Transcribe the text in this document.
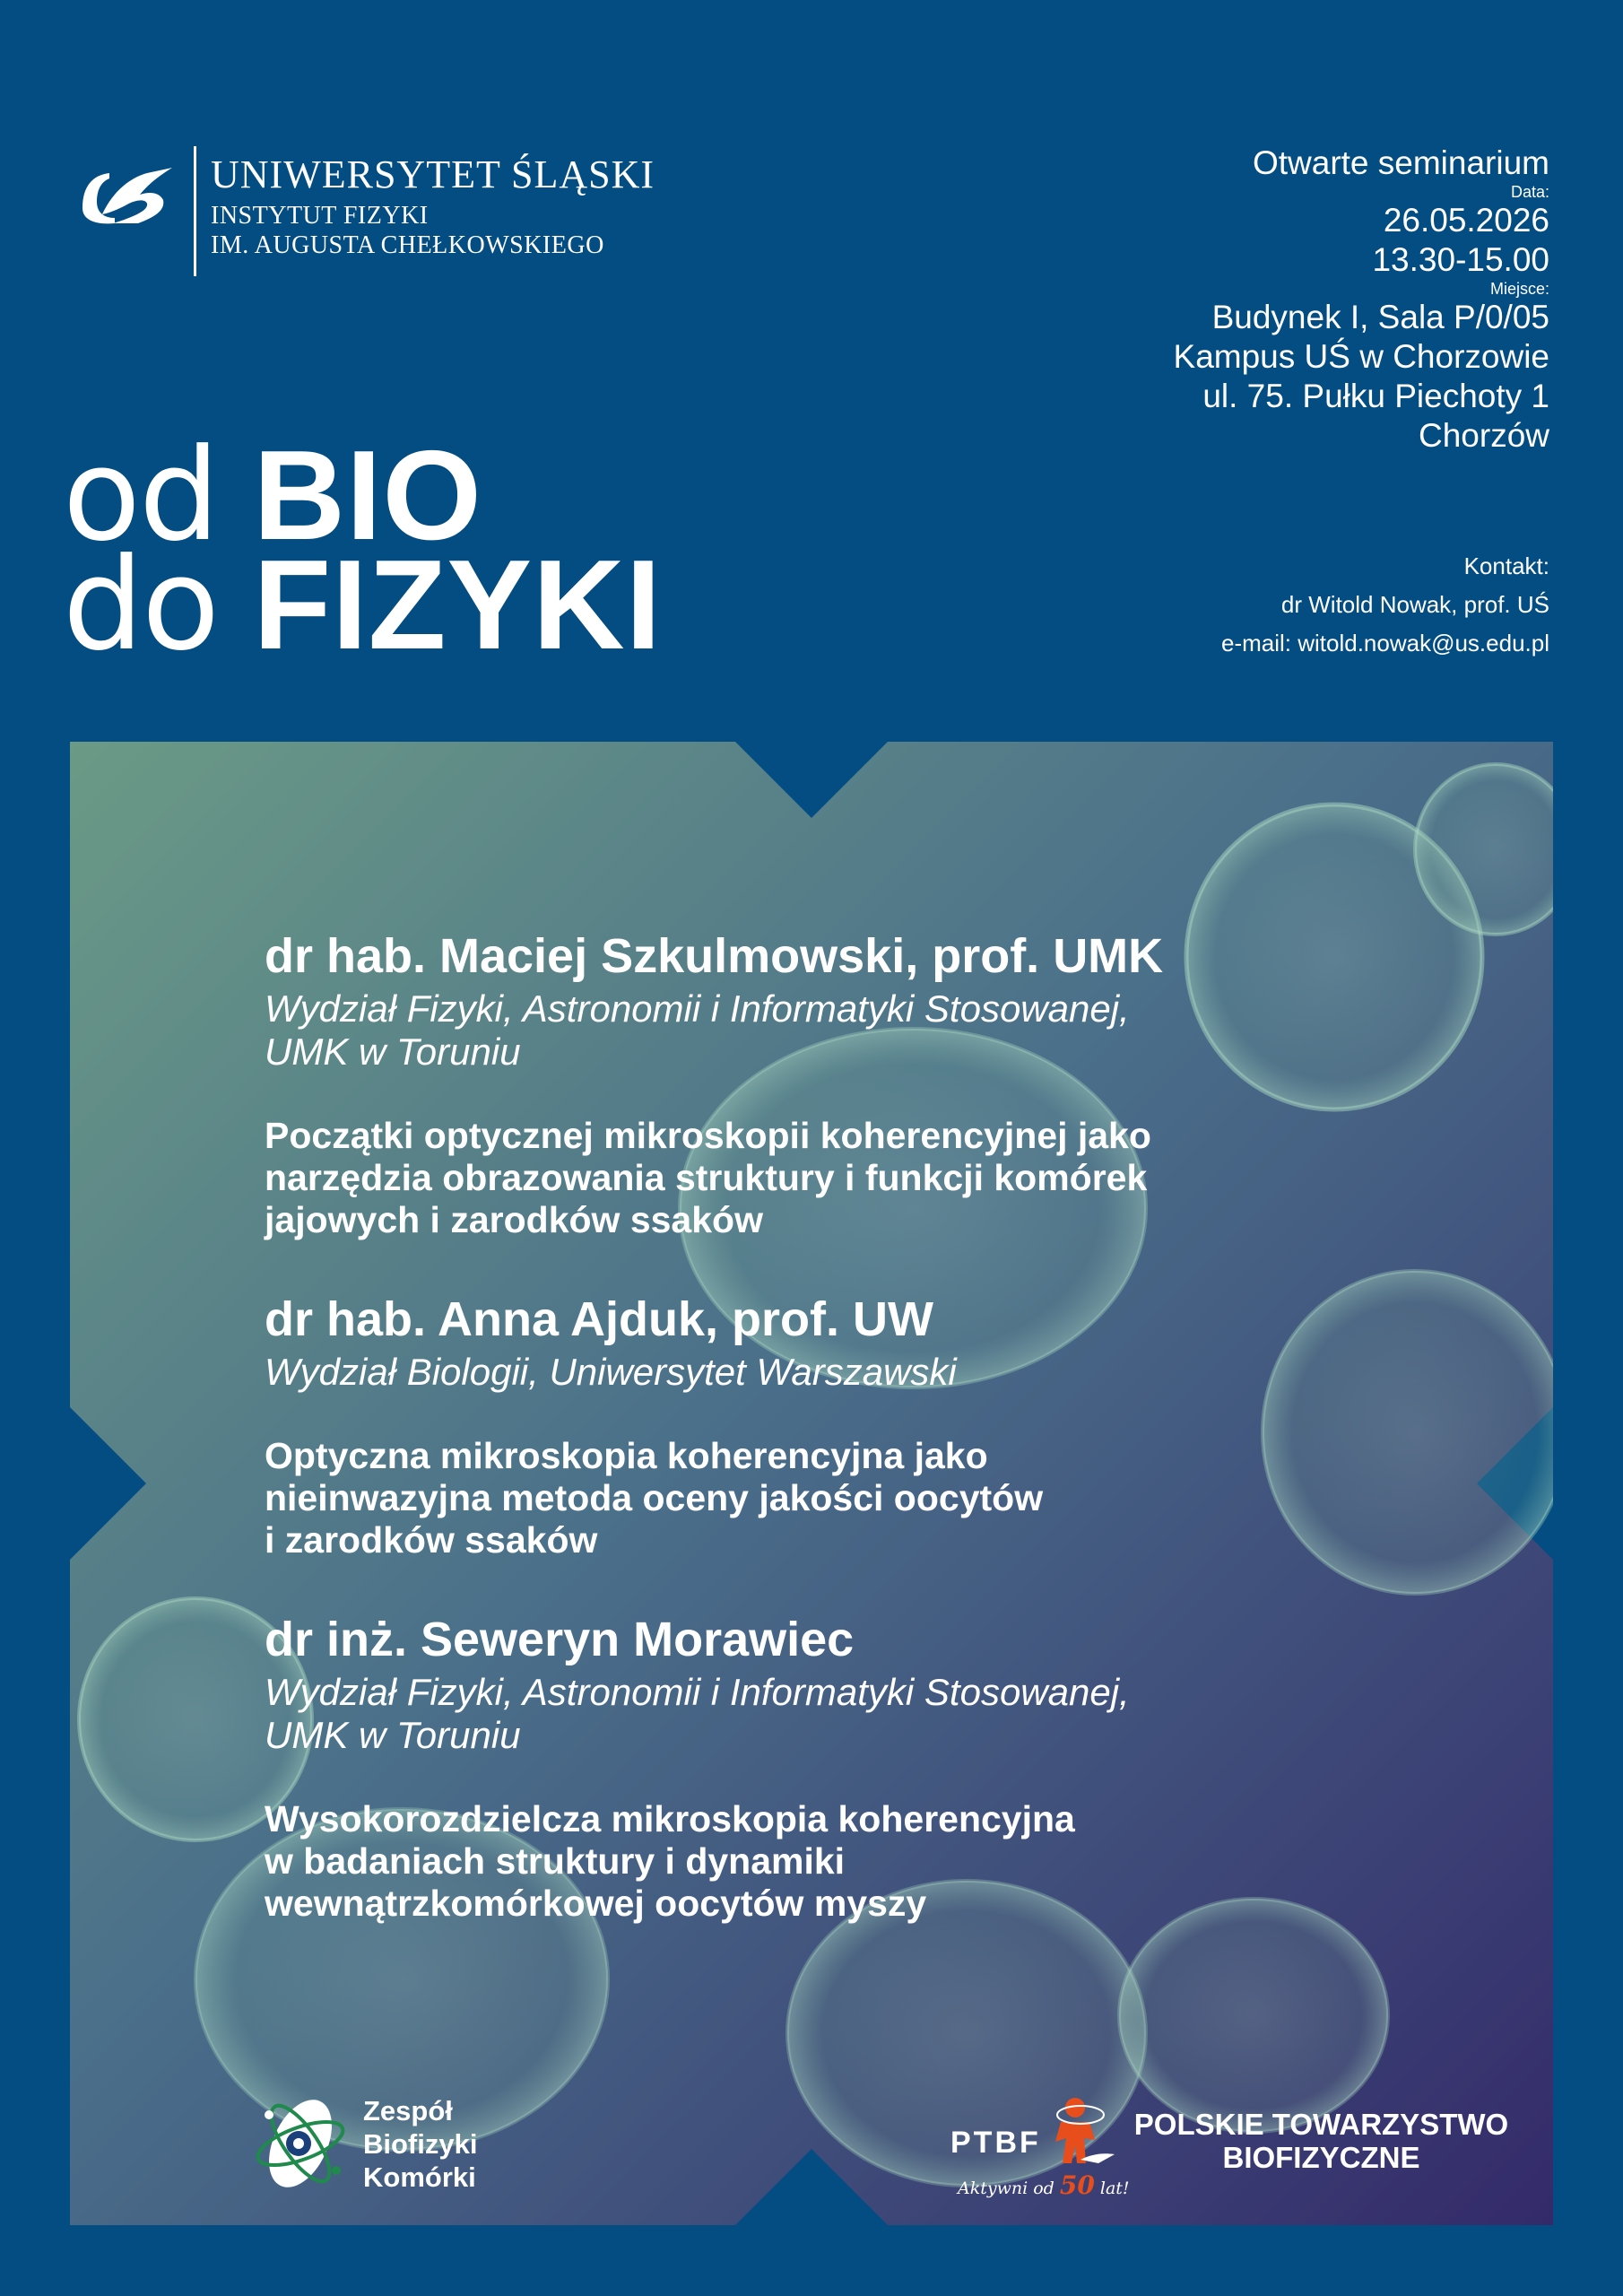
UNIWERSYTET ŚLĄSKI
INSTYTUT FIZYKI
IM. AUGUSTA CHEŁKOWSKIEGO
Otwarte seminarium
Data:
26.05.2026
13.30-15.00
Miejsce:
Budynek I, Sala P/0/05
Kampus UŚ w Chorzowie
ul. 75. Pułku Piechoty 1
Chorzów
Kontakt:
dr Witold Nowak, prof. UŚ
e-mail: witold.nowak@us.edu.pl
od BIO
do FIZYKI
dr hab. Maciej Szkulmowski, prof. UMK
Wydział Fizyki, Astronomii i Informatyki Stosowanej,
UMK w Toruniu
Początki optycznej mikroskopii koherencyjnej jako
narzędzia obrazowania struktury i funkcji komórek
jajowych i zarodków ssaków
dr hab. Anna Ajduk, prof. UW
Wydział Biologii, Uniwersytet Warszawski
Optyczna mikroskopia koherencyjna jako
nieinwazyjna metoda oceny jakości oocytów
i zarodków ssaków
dr inż. Seweryn Morawiec
Wydział Fizyki, Astronomii i Informatyki Stosowanej,
UMK w Toruniu
Wysokorozdzielcza mikroskopia koherencyjna
w badaniach struktury i dynamiki
wewnątrzkomórkowej oocytów myszy
Zespół
Biofizyki
Komórki
PTBF
POLSKIE TOWARZYSTWO
BIOFIZYCZNE
Aktywni od 50 lat!
